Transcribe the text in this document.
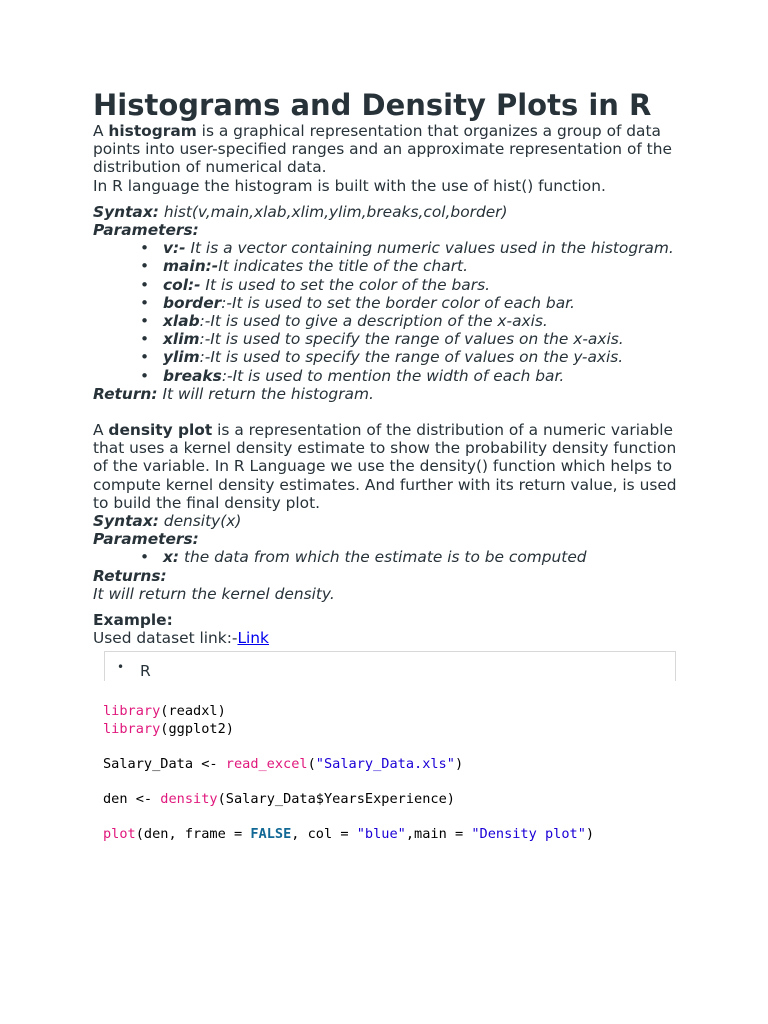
Histograms and Density Plots in R

A histogram is a graphical representation that organizes a group of data points into user-specified ranges and an approximate representation of the distribution of numerical data.

In R language the histogram is built with the use of hist() function.

Syntax: hist(v,main,xlab,xlim,ylim,breaks,col,border)

Parameters:

• v:- It is a vector containing numeric values used in the histogram.
• main:-It indicates the title of the chart.
• col:- It is used to set the color of the bars.
• border:-It is used to set the border color of each bar.
• xlab:-It is used to give a description of the x-axis.
• xlim:-It is used to specify the range of values on the x-axis.
• ylim:-It is used to specify the range of values on the y-axis.
• breaks:-It is used to mention the width of each bar.

Return: It will return the histogram.

A density plot is a representation of the distribution of a numeric variable that uses a kernel density estimate to show the probability density function of the variable. In R Language we use the density() function which helps to compute kernel density estimates. And further with its return value, is used to build the final density plot.

Syntax: density(x)

Parameters:

• x: the data from which the estimate is to be computed

Returns:

It will return the kernel density.

Example:

Used dataset link:-Link

• R
library(readxl)
library(ggplot2)

Salary_Data <- read_excel("Salary_Data.xls")

den <- density(Salary_Data$YearsExperience)

plot(den, frame = FALSE, col = "blue",main = "Density plot")
